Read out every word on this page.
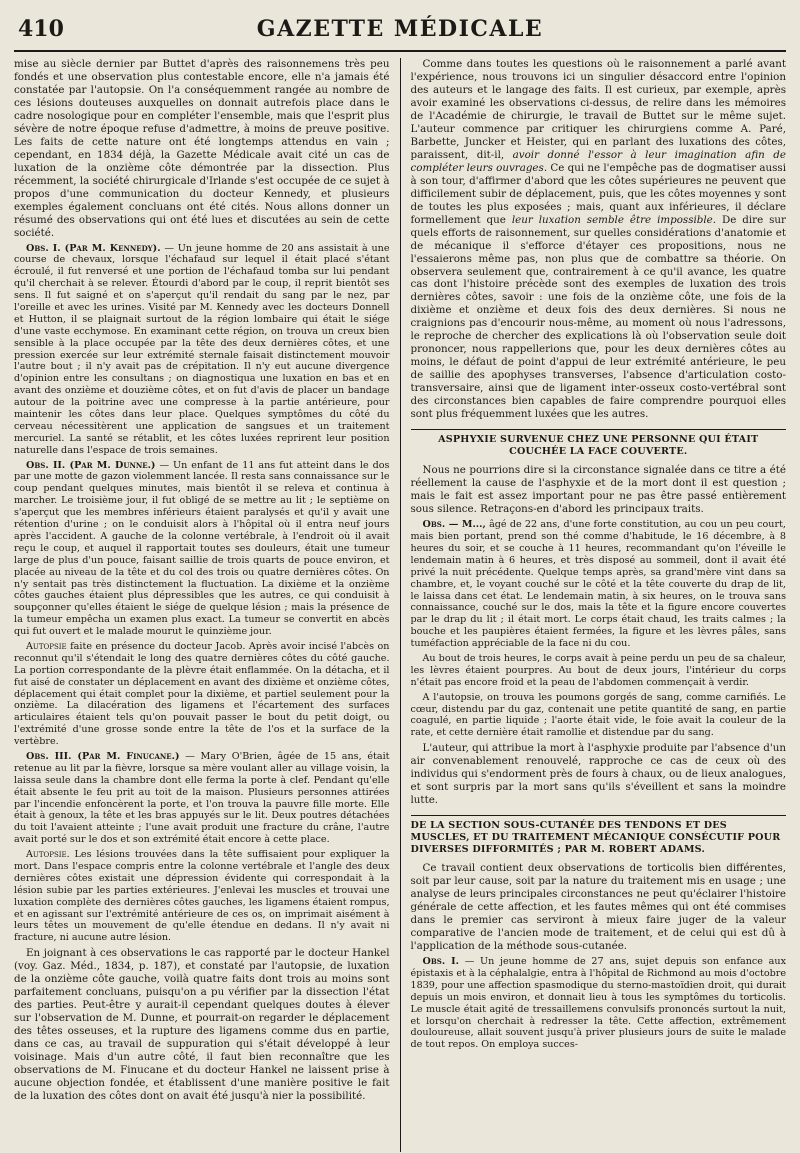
410	GAZETTE MÉDICALE

mise au siècle dernier par Buttet d'après des raisonnemens très peu fondés et une observation plus contestable encore, elle n'a jamais été constatée par l'autopsie. On l'a conséquemment rangée au nombre de ces lésions douteuses auxquelles on donnait autrefois place dans le cadre nosologique pour en compléter l'ensemble, mais que l'esprit plus sévère de notre époque refuse d'admettre, à moins de preuve positive. Les faits de cette nature ont été longtemps attendus en vain ; cependant, en 1834 déjà, la Gazette Médicale avait cité un cas de luxation de la onzième côte démontrée par la dissection. Plus récemment, la société chirurgicale d'Irlande s'est occupée de ce sujet à propos d'une communication du docteur Kennedy, et plusieurs exemples également concluans ont été cités. Nous allons donner un résumé des observations qui ont été lues et discutées au sein de cette société.

Obs. I. (Par M. Kennedy). — Un jeune homme de 20 ans assistait à une course de chevaux, lorsque l'échafaud sur lequel il était placé s'étant écroulé, il fut renversé et une portion de l'échafaud tomba sur lui pendant qu'il cherchait à se relever. Étourdi d'abord par le coup, il reprit bientôt ses sens. Il fut saigné et on s'aperçut qu'il rendait du sang par le nez, par l'oreille et avec les urines. Visité par M. Kennedy avec les docteurs Donnell et Hutton, il se plaignait surtout de la région lombaire qui était le siége d'une vaste ecchymose. En examinant cette région, on trouva un creux bien sensible à la place occupée par la tête des deux dernières côtes, et une pression exercée sur leur extrémité sternale faisait distinctement mouvoir l'autre bout ; il n'y avait pas de crépitation. Il n'y eut aucune divergence d'opinion entre les consultans ; on diagnostiqua une luxation en bas et en avant des onzième et douzième côtes, et on fut d'avis de placer un bandage autour de la poitrine avec une compresse à la partie antérieure, pour maintenir les côtes dans leur place. Quelques symptômes du côté du cerveau nécessitèrent une application de sangsues et un traitement mercuriel. La santé se rétablit, et les côtes luxées reprirent leur position naturelle dans l'espace de trois semaines.

Obs. II. (Par M. Dunne.) — Un enfant de 11 ans fut atteint dans le dos par une motte de gazon violemment lancée. Il resta sans connaissance sur le coup pendant quelques minutes, mais bientôt il se releva et continua à marcher. Le troisième jour, il fut obligé de se mettre au lit ; le septième on s'aperçut que les membres inférieurs étaient paralysés et qu'il y avait une rétention d'urine ; on le conduisit alors à l'hôpital où il entra neuf jours après l'accident. A gauche de la colonne vertébrale, à l'endroit où il avait reçu le coup, et auquel il rapportait toutes ses douleurs, était une tumeur large de plus d'un pouce, faisant saillie de trois quarts de pouce environ, et placée au niveau de la tête et du col des trois ou quatre dernières côtes. On n'y sentait pas très distinctement la fluctuation. La dixième et la onzième côtes gauches étaient plus dépressibles que les autres, ce qui conduisit à soupçonner qu'elles étaient le siége de quelque lésion ; mais la présence de la tumeur empêcha un examen plus exact. La tumeur se convertit en abcès qui fut ouvert et le malade mourut le quinzième jour.

Autopsie faite en présence du docteur Jacob. Après avoir incisé l'abcès on reconnut qu'il s'étendait le long des quatre dernières côtes du côté gauche. La portion correspondante de la plèvre était enflammée. On la détacha, et il fut aisé de constater un déplacement en avant des dixième et onzième côtes, déplacement qui était complet pour la dixième, et partiel seulement pour la onzième. La dilacération des ligamens et l'écartement des surfaces articulaires étaient tels qu'on pouvait passer le bout du petit doigt, ou l'extrémité d'une grosse sonde entre la tête de l'os et la surface de la vertèbre.

Obs. III. (Par M. Finucane.) — Mary O'Brien, âgée de 15 ans, était retenue au lit par la fièvre, lorsque sa mère voulant aller au village voisin, la laissa seule dans la chambre dont elle ferma la porte à clef. Pendant qu'elle était absente le feu prit au toit de la maison. Plusieurs personnes attirées par l'incendie enfoncèrent la porte, et l'on trouva la pauvre fille morte. Elle était à genoux, la tête et les bras appuyés sur le lit. Deux poutres détachées du toit l'avaient atteinte ; l'une avait produit une fracture du crâne, l'autre avait porté sur le dos et son extrémité était encore à cette place.

Autopsie. Les lésions trouvées dans la tête suffisaient pour expliquer la mort. Dans l'espace compris entre la colonne vertébrale et l'angle des deux dernières côtes existait une dépression évidente qui correspondait à la lésion subie par les parties extérieures. J'enlevai les muscles et trouvai une luxation complète des dernières côtes gauches, les ligamens étaient rompus, et en agissant sur l'extrémité antérieure de ces os, on imprimait aisément à leurs têtes un mouvement de qu'elle étendue en dedans. Il n'y avait ni fracture, ni aucune autre lésion.

En joignant à ces observations le cas rapporté par le docteur Hankel (voy. Gaz. Méd., 1834, p. 187), et constaté par l'autopsie, de luxation de la onzième côte gauche, voilà quatre faits dont trois au moins sont parfaitement concluans, puisqu'on a pu vérifier par la dissection l'état des parties. Peut-être y aurait-il cependant quelques doutes à élever sur l'observation de M. Dunne, et pourrait-on regarder le déplacement des têtes osseuses, et la rupture des ligamens comme dus en partie, dans ce cas, au travail de suppuration qui s'était développé à leur voisinage. Mais d'un autre côté, il faut bien reconnaître que les observations de M. Finucane et du docteur Hankel ne laissent prise à aucune objection fondée, et établissent d'une manière positive le fait de la luxation des côtes dont on avait été jusqu'à nier la possibilité.

Comme dans toutes les questions où le raisonnement a parlé avant l'expérience, nous trouvons ici un singulier désaccord entre l'opinion des auteurs et le langage des faits. Il est curieux, par exemple, après avoir examiné les observations ci-dessus, de relire dans les mémoires de l'Académie de chirurgie, le travail de Buttet sur le même sujet. L'auteur commence par critiquer les chirurgiens comme A. Paré, Barbette, Juncker et Heister, qui en parlant des luxations des côtes, paraissent, dit-il, avoir donné l'essor à leur imagination afin de compléter leurs ouvrages. Ce qui ne l'empêche pas de dogmatiser aussi à son tour, d'affirmer d'abord que les côtes supérieures ne peuvent que difficilement subir de déplacement, puis, que les côtes moyennes y sont de toutes les plus exposées ; mais, quant aux inférieures, il déclare formellement que leur luxation semble être impossible. De dire sur quels efforts de raisonnement, sur quelles considérations d'anatomie et de mécanique il s'efforce d'étayer ces propositions, nous ne l'essaierons même pas, non plus que de combattre sa théorie. On observera seulement que, contrairement à ce qu'il avance, les quatre cas dont l'histoire précède sont des exemples de luxation des trois dernières côtes, savoir : une fois de la onzième côte, une fois de la dixième et onzième et deux fois des deux dernières. Si nous ne craignions pas d'encourir nous-même, au moment où nous l'adressons, le reproche de chercher des explications là où l'observation seule doit prononcer, nous rappellerions que, pour les deux dernières côtes au moins, le défaut de point d'appui de leur extrémité antérieure, le peu de saillie des apophyses transverses, l'absence d'articulation costo-transversaire, ainsi que de ligament inter-osseux costo-vertébral sont des circonstances bien capables de faire comprendre pourquoi elles sont plus fréquemment luxées que les autres.

ASPHYXIE SURVENUE CHEZ UNE PERSONNE QUI ÉTAIT COUCHÉE LA FACE COUVERTE.

Nous ne pourrions dire si la circonstance signalée dans ce titre a été réellement la cause de l'asphyxie et de la mort dont il est question ; mais le fait est assez important pour ne pas être passé entièrement sous silence. Retraçons-en d'abord les principaux traits.

Obs. — M..., âgé de 22 ans, d'une forte constitution, au cou un peu court, mais bien portant, prend son thé comme d'habitude, le 16 décembre, à 8 heures du soir, et se couche à 11 heures, recommandant qu'on l'éveille le lendemain matin à 6 heures, et très disposé au sommeil, dont il avait été privé la nuit précédente. Quelque temps après, sa grand'mère vint dans sa chambre, et, le voyant couché sur le côté et la tête couverte du drap de lit, le laissa dans cet état. Le lendemain matin, à six heures, on le trouva sans connaissance, couché sur le dos, mais la tête et la figure encore couvertes par le drap du lit ; il était mort. Le corps était chaud, les traits calmes ; la bouche et les paupières étaient fermées, la figure et les lèvres pâles, sans tuméfaction appréciable de la face ni du cou.

Au bout de trois heures, le corps avait à peine perdu un peu de sa chaleur, les lèvres étaient pourpres. Au bout de deux jours, l'intérieur du corps n'était pas encore froid et la peau de l'abdomen commençait à verdir.

A l'autopsie, on trouva les poumons gorgés de sang, comme carnifiés. Le cœur, distendu par du gaz, contenait une petite quantité de sang, en partie coagulé, en partie liquide ; l'aorte était vide, le foie avait la couleur de la rate, et cette dernière était ramollie et distendue par du sang.

L'auteur, qui attribue la mort à l'asphyxie produite par l'absence d'un air convenablement renouvelé, rapproche ce cas de ceux où des individus qui s'endorment près de fours à chaux, ou de lieux analogues, et sont surpris par la mort sans qu'ils s'éveillent et sans la moindre lutte.

DE LA SECTION SOUS-CUTANÉE DES TENDONS ET DES MUSCLES, ET DU TRAITEMENT MÉCANIQUE CONSÉCUTIF POUR DIVERSES DIFFORMITÉS ; PAR M. ROBERT ADAMS.

Ce travail contient deux observations de torticolis bien différentes, soit par leur cause, soit par la nature du traitement mis en usage ; une analyse de leurs principales circonstances ne peut qu'éclairer l'histoire générale de cette affection, et les fautes mêmes qui ont été commises dans le premier cas serviront à mieux faire juger de la valeur comparative de l'ancien mode de traitement, et de celui qui est dû à l'application de la méthode sous-cutanée.

Obs. I. — Un jeune homme de 27 ans, sujet depuis son enfance aux épistaxis et à la céphalalgie, entra à l'hôpital de Richmond au mois d'octobre 1839, pour une affection spasmodique du sterno-mastoïdien droit, qui durait depuis un mois environ, et donnait lieu à tous les symptômes du torticolis. Le muscle était agité de tressaillemens convulsifs prononcés surtout la nuit, et lorsqu'on cherchait à redresser la tête. Cette affection, extrêmement douloureuse, allait souvent jusqu'à priver plusieurs jours de suite le malade de tout repos. On employa succes-
